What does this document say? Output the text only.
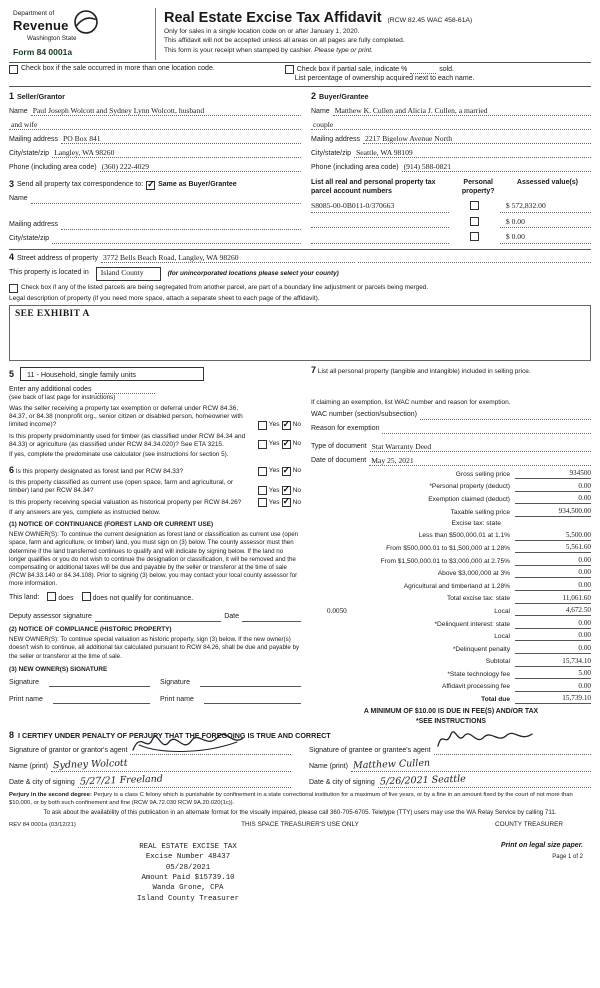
Department of
Revenue
Washington State
Form 84 0001a
Real Estate Excise Tax Affidavit (RCW 82.45 WAC 458-61A)
Only for sales in a single location code on or after January 1, 2020.
This affidavit will not be accepted unless all areas on all pages are fully completed.
This form is your receipt when stamped by cashier. Please type or print.
Check box if the sale occurred in more than one location code.	Check box if partial sale, indicate %	sold.
List percentage of ownership acquired next to each name.
1 Seller/Grantor
Name Paul Joseph Wolcott and Sydney Lynn Wolcott, husband
and wife
Mailing address PO Box 841
City/state/zip Langley, WA 98260
Phone (including area code) (360) 222-4029
2 Buyer/Grantee
Name Matthew K. Cullen and Alicia J. Cullen, a married
couple
Mailing address 2217 Bigelow Avenue North
City/state/zip Seattle, WA 98109
Phone (including area code) (914) 588-0821
3 Send all property tax correspondence to: ✓ Same as Buyer/Grantee
Name
Mailing address
City/state/zip
List all real and personal property tax parcel account numbers
Personal property?
Assessed value(s)
S8085-00-0B011-0/370663	$ 572,832.00
$ 0.00
$ 0.00
4 Street address of property 3772 Bells Beach Road, Langley, WA 98260
This property is located in	Island County	(for unincorporated locations please select your county)
Check box if any of the listed parcels are being segregated from another parcel, are part of a boundary line adjustment or parcels being merged.
Legal description of property (if you need more space, attach a separate sheet to each page of the affidavit).
SEE EXHIBIT A
5	11 - Household, single family units
Enter any additional codes
(see back of last page for instructions)
Was the seller receiving a property tax exemption or deferral under RCW 84.36, 84.37, or 84.38 (nonprofit org., senior citizen or disabled person, homeowner with limited income)?	Yes ✓ No
Is this property predominantly used for timber (as classified under RCW 84.34 and 84.33) or agriculture (as classified under RCW 84.34.020)? See ETA 3215.	Yes ✓ No
If yes, complete the predominate use calculator (see instructions for section 5).
6 Is this property designated as forest land per RCW 84.33?	Yes ✓ No
Is this property classified as current use (open space, farm and agricultural, or timber) land per RCW 84.34?	Yes ✓ No
Is this property receiving special valuation as historical property per RCW 84.26?	Yes ✓ No
If any answers are yes, complete as instructed below.
(1) NOTICE OF CONTINUANCE (FOREST LAND OR CURRENT USE)
NEW OWNER(S): To continue the current designation as forest land or classification as current use (open space, farm and agriculture, or timber) land, you must sign on (3) below. The county assessor must then determine if the land transferred continues to qualify and will indicate by signing below. If the land no longer qualifies or you do not wish to continue the designation or classification, it will be removed and the compensating or additional taxes will be due and payable by the seller or transferor at the time of sale (RCW 84.33.140 or 84.34.108). Prior to signing (3) below, you may contact your local county assessor for more information.
This land:	does	does not qualify for continuance.
Deputy assessor signature	Date
(2) NOTICE OF COMPLIANCE (HISTORIC PROPERTY)
NEW OWNER(S): To continue special valuation as historic property, sign (3) below. If the new owner(s) doesn't wish to continue, all additional tax calculated pursuant to RCW 84.26, shall be due and payable by the seller or transferor at the time of sale.
(3) NEW OWNER(S) SIGNATURE
Signature	Signature
Print name	Print name
7 List all personal property (tangible and intangible) included in selling price.
If claiming an exemption, list WAC number and reason for exemption.
WAC number (section/subsection)
Reason for exemption
Type of document Stat Warranty Deed
Date of document May 25, 2021
Gross selling price	934500
*Personal property (deduct)	0.00
Exemption claimed (deduct)	0.00
Taxable selling price	934,500.00
Excise tax: state
Less than $500,000.01 at 1.1%	5,500.00
From $500,000.01 to $1,500,000 at 1.28%	5,561.60
From $1,500,000.01 to $3,000,000 at 2.75%	0.00
Above $3,000,000 at 3%	0.00
Agricultural and timberland at 1.28%	0.00
Total excise tax: state	11,061.60
0.0050	Local	4,672.50
*Delinquent interest: state	0.00
Local	0.00
*Delinquent penalty	0.00
Subtotal	15,734.10
*State technology fee	5.00
Affidavit processing fee	0.00
Total due	15,739.10
A MINIMUM OF $10.00 IS DUE IN FEE(S) AND/OR TAX
*SEE INSTRUCTIONS
8 I CERTIFY UNDER PENALTY OF PERJURY THAT THE FOREGOING IS TRUE AND CORRECT
Signature of grantor or grantor's agent
Name (print) Sydney Wolcott
Date & city of signing 5/27/21 Freeland
Signature of grantee or grantee's agent
Name (print) Matthew Cullen
Date & city of signing 5/26/2021 Seattle
Perjury in the second degree: Perjury is a class C felony which is punishable by confinement in a state correctional institution for a maximum of five years, or by a fine in an amount fixed by the court of not more than $10,000, or by both such confinement and fine (RCW 9A.72.030 RCW 9A.20.020(1c)).
To ask about the availability of this publication in an alternate format for the visually impaired, please call 360-705-6705. Teletype (TTY) users may use the WA Relay Service by calling 711.
REV 84 0001a (03/12/21)	THIS SPACE TREASURER'S USE ONLY	COUNTY TREASURER
REAL ESTATE EXCISE TAX
Excise Number 48437
05/28/2021
Amount Paid $15739.10
Wanda Grone, CPA
Island County Treasurer
Print on legal size paper.
Page 1 of 2
